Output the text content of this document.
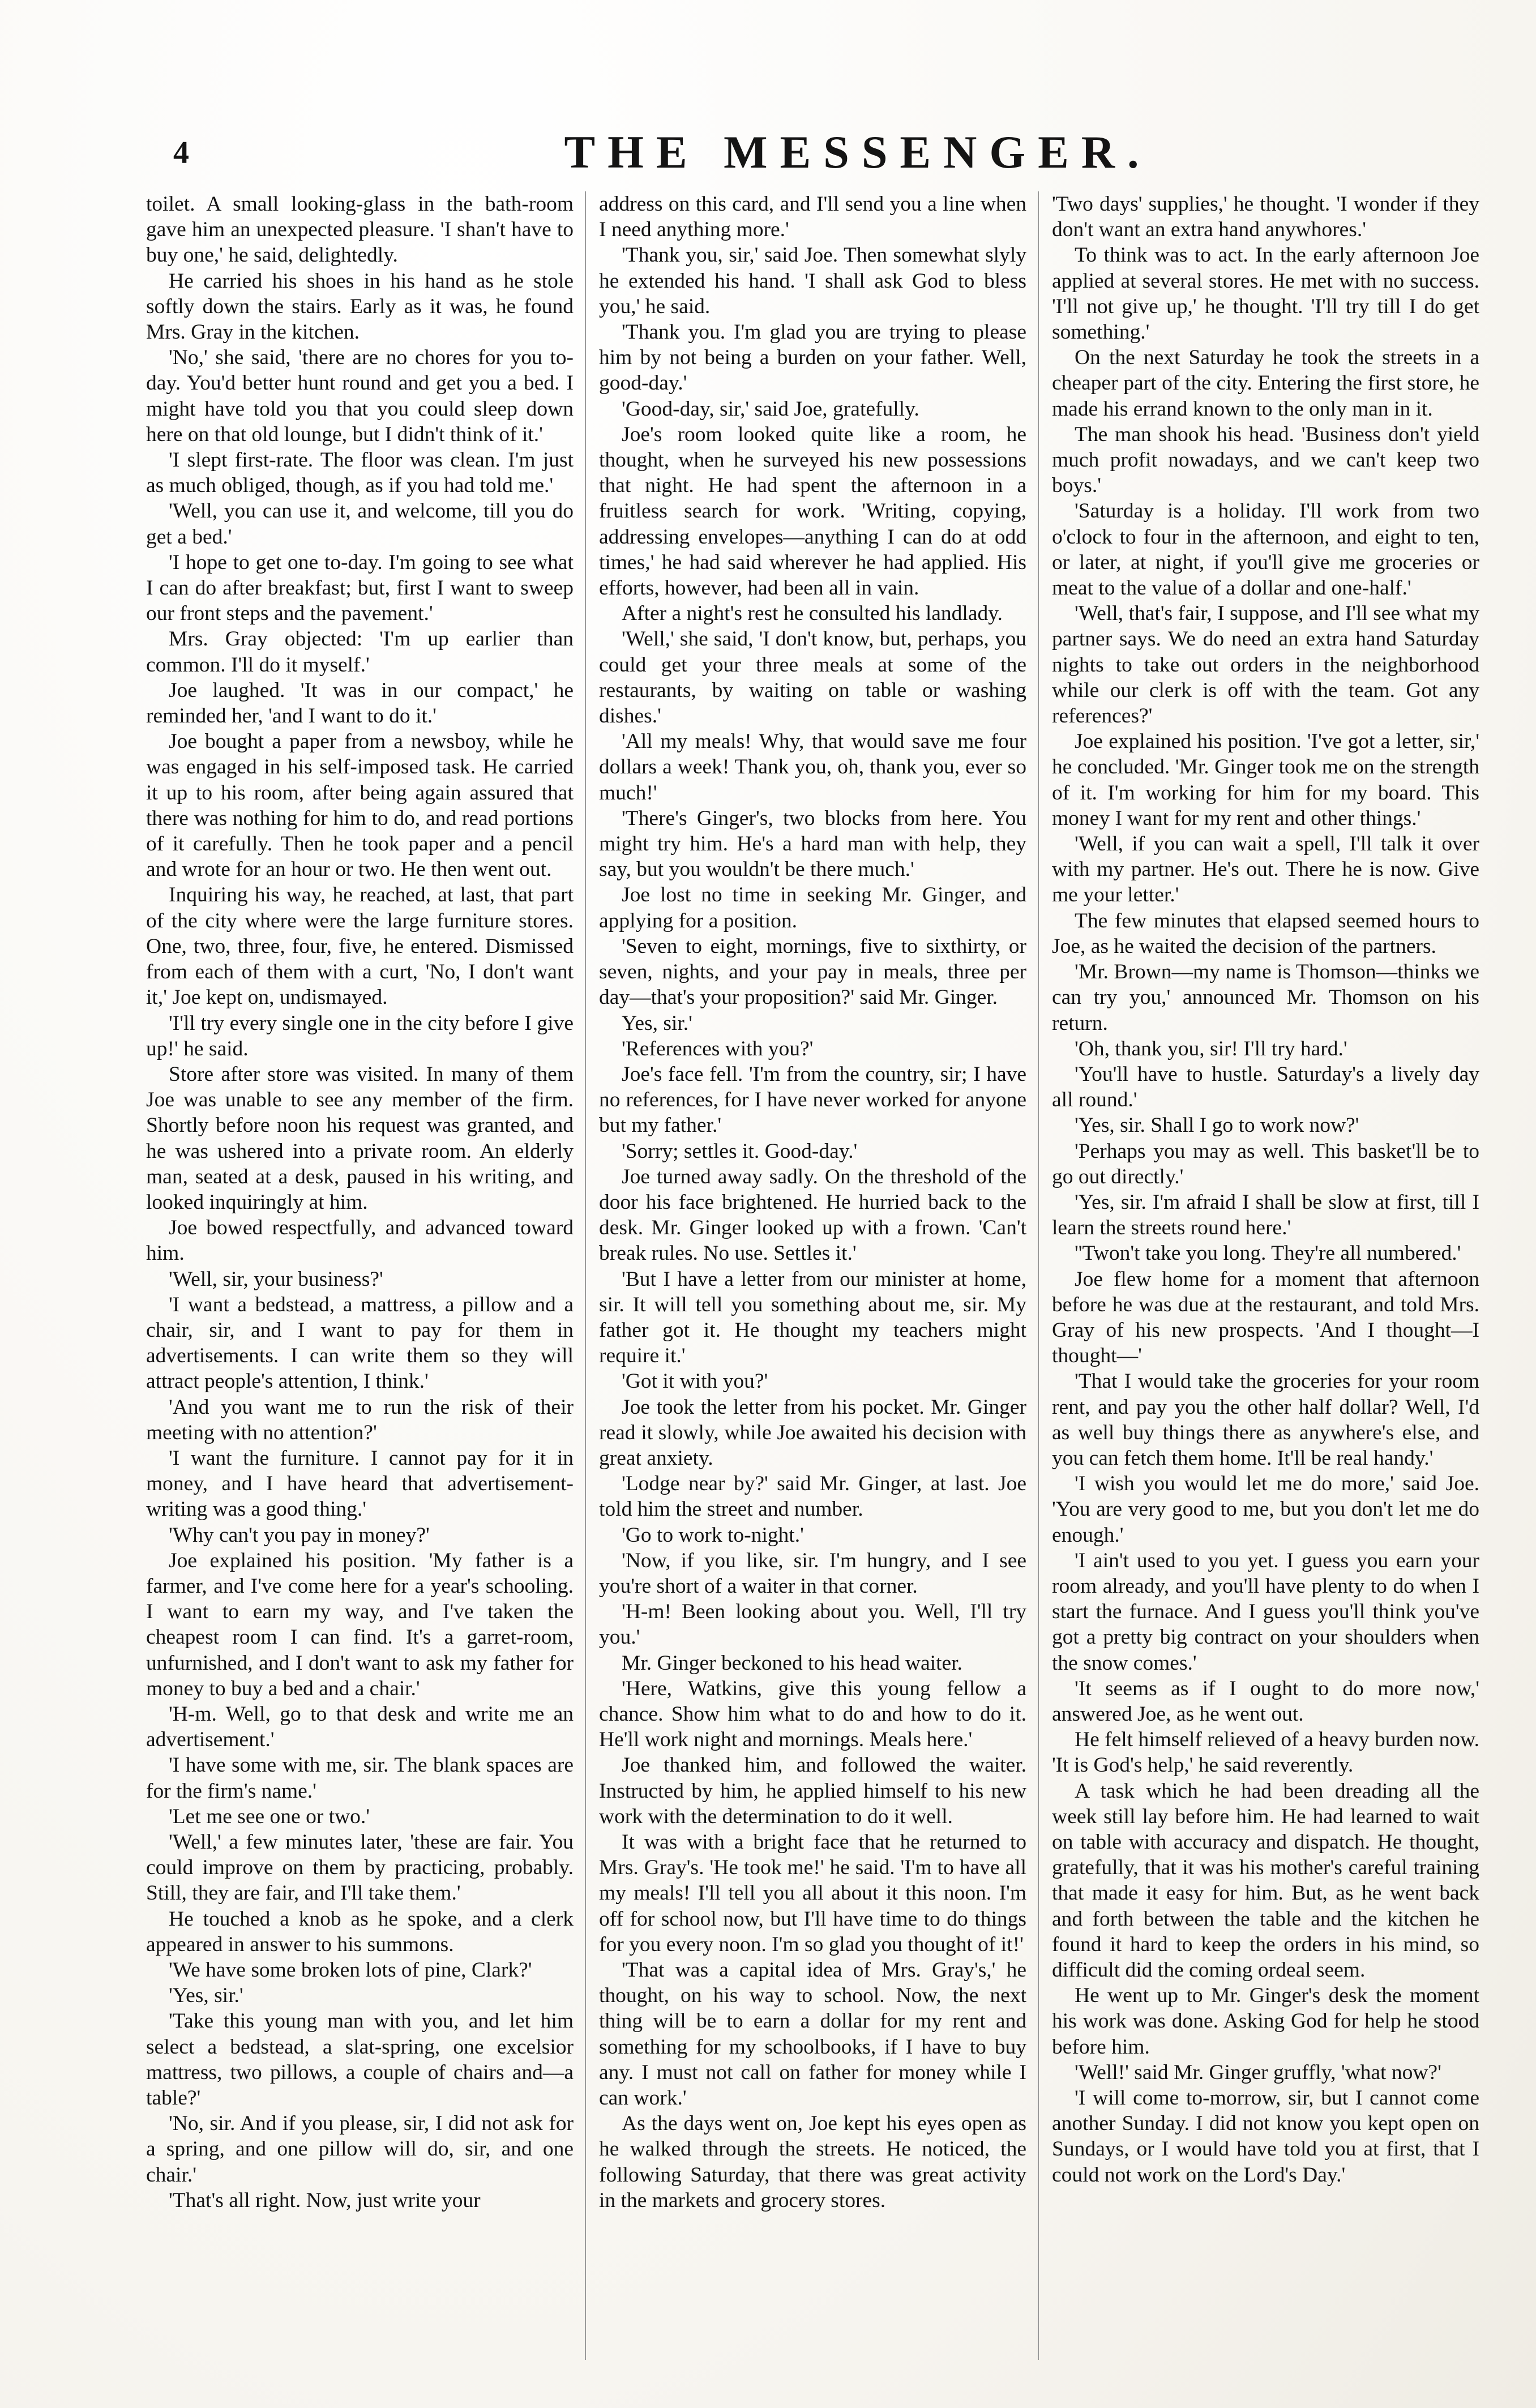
4	THE MESSENGER.

toilet. A small looking-glass in the bath-room gave him an unexpected pleasure. 'I shan't have to buy one,' he said, delightedly.

He carried his shoes in his hand as he stole softly down the stairs. Early as it was, he found Mrs. Gray in the kitchen.

'No,' she said, 'there are no chores for you to-day. You'd better hunt round and get you a bed. I might have told you that you could sleep down here on that old lounge, but I didn't think of it.'

'I slept first-rate. The floor was clean. I'm just as much obliged, though, as if you had told me.'

'Well, you can use it, and welcome, till you do get a bed.'

'I hope to get one to-day. I'm going to see what I can do after breakfast; but, first I want to sweep our front steps and the pavement.'

Mrs. Gray objected: 'I'm up earlier than common. I'll do it myself.'

Joe laughed. 'It was in our compact,' he reminded her, 'and I want to do it.'

Joe bought a paper from a newsboy, while he was engaged in his self-imposed task. He carried it up to his room, after being again assured that there was nothing for him to do, and read portions of it carefully. Then he took paper and a pencil and wrote for an hour or two. He then went out.

Inquiring his way, he reached, at last, that part of the city where were the large furniture stores. One, two, three, four, five, he entered. Dismissed from each of them with a curt, 'No, I don't want it,' Joe kept on, undismayed.

'I'll try every single one in the city before I give up!' he said.

Store after store was visited. In many of them Joe was unable to see any member of the firm. Shortly before noon his request was granted, and he was ushered into a private room. An elderly man, seated at a desk, paused in his writing, and looked inquiringly at him.

Joe bowed respectfully, and advanced toward him.

'Well, sir, your business?'

'I want a bedstead, a mattress, a pillow and a chair, sir, and I want to pay for them in advertisements. I can write them so they will attract people's attention, I think.'

'And you want me to run the risk of their meeting with no attention?'

'I want the furniture. I cannot pay for it in money, and I have heard that advertisement-writing was a good thing.'

'Why can't you pay in money?'

Joe explained his position. 'My father is a farmer, and I've come here for a year's schooling. I want to earn my way, and I've taken the cheapest room I can find. It's a garret-room, unfurnished, and I don't want to ask my father for money to buy a bed and a chair.'

'H-m. Well, go to that desk and write me an advertisement.'

'I have some with me, sir. The blank spaces are for the firm's name.'

'Let me see one or two.'

'Well,' a few minutes later, 'these are fair. You could improve on them by practicing, probably. Still, they are fair, and I'll take them.'

He touched a knob as he spoke, and a clerk appeared in answer to his summons.

'We have some broken lots of pine, Clark?'

'Yes, sir.'

'Take this young man with you, and let him select a bedstead, a slat-spring, one excelsior mattress, two pillows, a couple of chairs and—a table?'

'No, sir. And if you please, sir, I did not ask for a spring, and one pillow will do, sir, and one chair.'

'That's all right. Now, just write your

address on this card, and I'll send you a line when I need anything more.'

'Thank you, sir,' said Joe. Then somewhat slyly he extended his hand. 'I shall ask God to bless you,' he said.

'Thank you. I'm glad you are trying to please him by not being a burden on your father. Well, good-day.'

'Good-day, sir,' said Joe, gratefully.

Joe's room looked quite like a room, he thought, when he surveyed his new possessions that night. He had spent the afternoon in a fruitless search for work. 'Writing, copying, addressing envelopes—anything I can do at odd times,' he had said wherever he had applied. His efforts, however, had been all in vain.

After a night's rest he consulted his landlady.

'Well,' she said, 'I don't know, but, perhaps, you could get your three meals at some of the restaurants, by waiting on table or washing dishes.'

'All my meals! Why, that would save me four dollars a week! Thank you, oh, thank you, ever so much!'

'There's Ginger's, two blocks from here. You might try him. He's a hard man with help, they say, but you wouldn't be there much.'

Joe lost no time in seeking Mr. Ginger, and applying for a position.

'Seven to eight, mornings, five to sixthirty, or seven, nights, and your pay in meals, three per day—that's your proposition?' said Mr. Ginger.

Yes, sir.'

'References with you?'

Joe's face fell. 'I'm from the country, sir; I have no references, for I have never worked for anyone but my father.'

'Sorry; settles it. Good-day.'

Joe turned away sadly. On the threshold of the door his face brightened. He hurried back to the desk. Mr. Ginger looked up with a frown. 'Can't break rules. No use. Settles it.'

'But I have a letter from our minister at home, sir. It will tell you something about me, sir. My father got it. He thought my teachers might require it.'

'Got it with you?'

Joe took the letter from his pocket. Mr. Ginger read it slowly, while Joe awaited his decision with great anxiety.

'Lodge near by?' said Mr. Ginger, at last. Joe told him the street and number.

'Go to work to-night.'

'Now, if you like, sir. I'm hungry, and I see you're short of a waiter in that corner.

'H-m! Been looking about you. Well, I'll try you.'

Mr. Ginger beckoned to his head waiter.

'Here, Watkins, give this young fellow a chance. Show him what to do and how to do it. He'll work night and mornings. Meals here.'

Joe thanked him, and followed the waiter. Instructed by him, he applied himself to his new work with the determination to do it well.

It was with a bright face that he returned to Mrs. Gray's. 'He took me!' he said. 'I'm to have all my meals! I'll tell you all about it this noon. I'm off for school now, but I'll have time to do things for you every noon. I'm so glad you thought of it!'

'That was a capital idea of Mrs. Gray's,' he thought, on his way to school. Now, the next thing will be to earn a dollar for my rent and something for my schoolbooks, if I have to buy any. I must not call on father for money while I can work.'

As the days went on, Joe kept his eyes open as he walked through the streets. He noticed, the following Saturday, that there was great activity in the markets and grocery stores.

'Two days' supplies,' he thought. 'I wonder if they don't want an extra hand anywhores.'

To think was to act. In the early afternoon Joe applied at several stores. He met with no success. 'I'll not give up,' he thought. 'I'll try till I do get something.'

On the next Saturday he took the streets in a cheaper part of the city. Entering the first store, he made his errand known to the only man in it.

The man shook his head. 'Business don't yield much profit nowadays, and we can't keep two boys.'

'Saturday is a holiday. I'll work from two o'clock to four in the afternoon, and eight to ten, or later, at night, if you'll give me groceries or meat to the value of a dollar and one-half.'

'Well, that's fair, I suppose, and I'll see what my partner says. We do need an extra hand Saturday nights to take out orders in the neighborhood while our clerk is off with the team. Got any references?'

Joe explained his position. 'I've got a letter, sir,' he concluded. 'Mr. Ginger took me on the strength of it. I'm working for him for my board. This money I want for my rent and other things.'

'Well, if you can wait a spell, I'll talk it over with my partner. He's out. There he is now. Give me your letter.'

The few minutes that elapsed seemed hours to Joe, as he waited the decision of the partners.

'Mr. Brown—my name is Thomson—thinks we can try you,' announced Mr. Thomson on his return.

'Oh, thank you, sir! I'll try hard.'

'You'll have to hustle. Saturday's a lively day all round.'

'Yes, sir. Shall I go to work now?'

'Perhaps you may as well. This basket'll be to go out directly.'

'Yes, sir. I'm afraid I shall be slow at first, till I learn the streets round here.'

''Twon't take you long. They're all numbered.'

Joe flew home for a moment that afternoon before he was due at the restaurant, and told Mrs. Gray of his new prospects. 'And I thought—I thought—'

'That I would take the groceries for your room rent, and pay you the other half dollar? Well, I'd as well buy things there as anywhere's else, and you can fetch them home. It'll be real handy.'

'I wish you would let me do more,' said Joe. 'You are very good to me, but you don't let me do enough.'

'I ain't used to you yet. I guess you earn your room already, and you'll have plenty to do when I start the furnace. And I guess you'll think you've got a pretty big contract on your shoulders when the snow comes.'

'It seems as if I ought to do more now,' answered Joe, as he went out.

He felt himself relieved of a heavy burden now. 'It is God's help,' he said reverently.

A task which he had been dreading all the week still lay before him. He had learned to wait on table with accuracy and dispatch. He thought, gratefully, that it was his mother's careful training that made it easy for him. But, as he went back and forth between the table and the kitchen he found it hard to keep the orders in his mind, so difficult did the coming ordeal seem.

He went up to Mr. Ginger's desk the moment his work was done. Asking God for help he stood before him.

'Well!' said Mr. Ginger gruffly, 'what now?'

'I will come to-morrow, sir, but I cannot come another Sunday. I did not know you kept open on Sundays, or I would have told you at first, that I could not work on the Lord's Day.'
